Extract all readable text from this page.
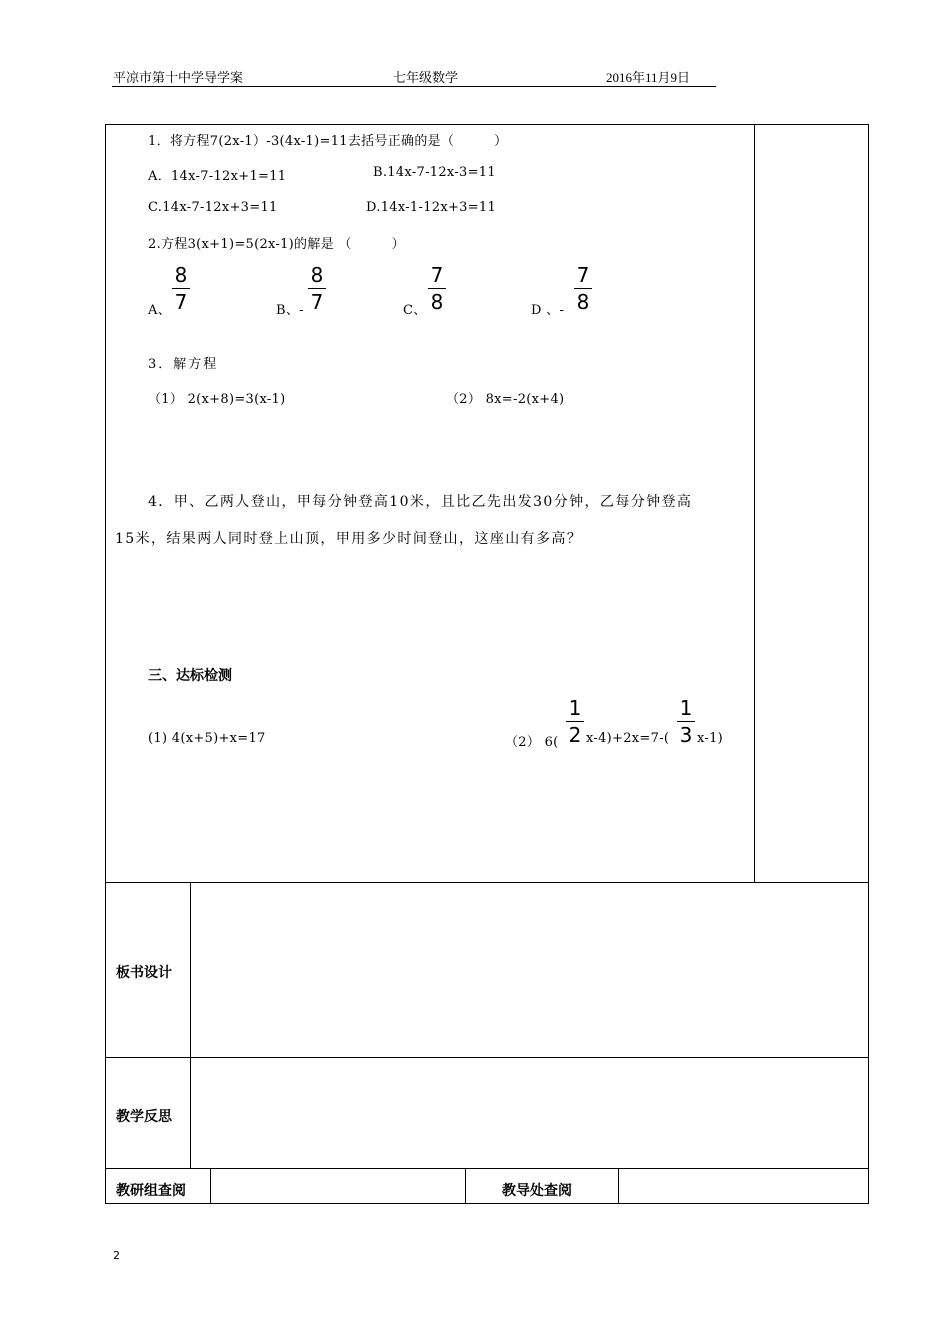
平凉市第十中学导学案	七年级数学	2016年11月9日
1．将方程7(2x-1）-3(4x-1)=11去括号正确的是（　　　）
A．14x-7-12x+1=11	B.14x-7-12x-3=11
C.14x-7-12x+3=11	D.14x-1-12x+3=11
2.方程3(x+1)=5(2x-1)的解是 （　　　）
A、
8
7	B、-
8
7	C、
7
8	D 、-
7
8
3．解方程
（1） 2(x+8)=3(x-1)	（2） 8x=-2(x+4)
4．甲、乙两人登山，甲每分钟登高10米，且比乙先出发30分钟，乙每分钟登高
15米，结果两人同时登上山顶，甲用多少时间登山，这座山有多高？
三、达标检测
(1) 4(x+5)+x=17	（2） 6(
1
2 x-4)+2x=7-(
1
3 x-1)
板书设计
教学反思
教研组查阅	教导处查阅
2
